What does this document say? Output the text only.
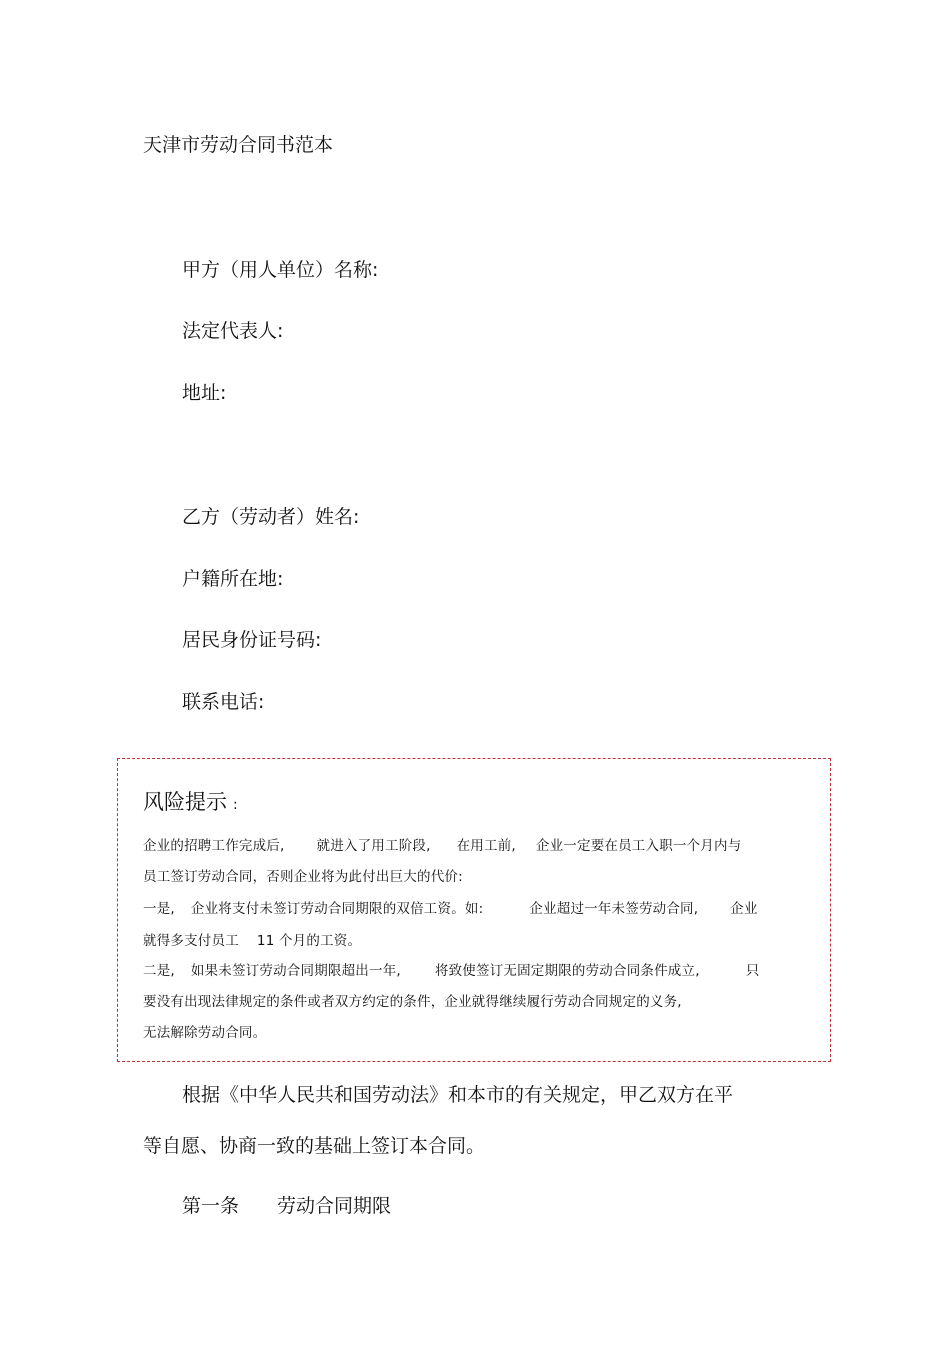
天津市劳动合同书范本
甲方（用人单位）名称:
法定代表人:
地址:
乙方（劳动者）姓名:
户籍所在地:
居民身份证号码:
联系电话:
风险提示 :
企业的招聘工作完成后, 就进入了用工阶段, 在用工前, 企业一定要在员工入职一个月内与
员工签订劳动合同，否则企业将为此付出巨大的代价:
一是, 企业将支付未签订劳动合同期限的双倍工资。如:	企业超过一年未签劳动合同, 企业
就得多支付员工 11 个月的工资。
二是, 如果未签订劳动合同期限超出一年,	将致使签订无固定期限的劳动合同条件成立,	只
要没有出现法律规定的条件或者双方约定的条件，企业就得继续履行劳动合同规定的义务,
无法解除劳动合同。
根据《中华人民共和国劳动法》和本市的有关规定，甲乙双方在平
等自愿、协商一致的基础上签订本合同。
第一条 劳动合同期限
